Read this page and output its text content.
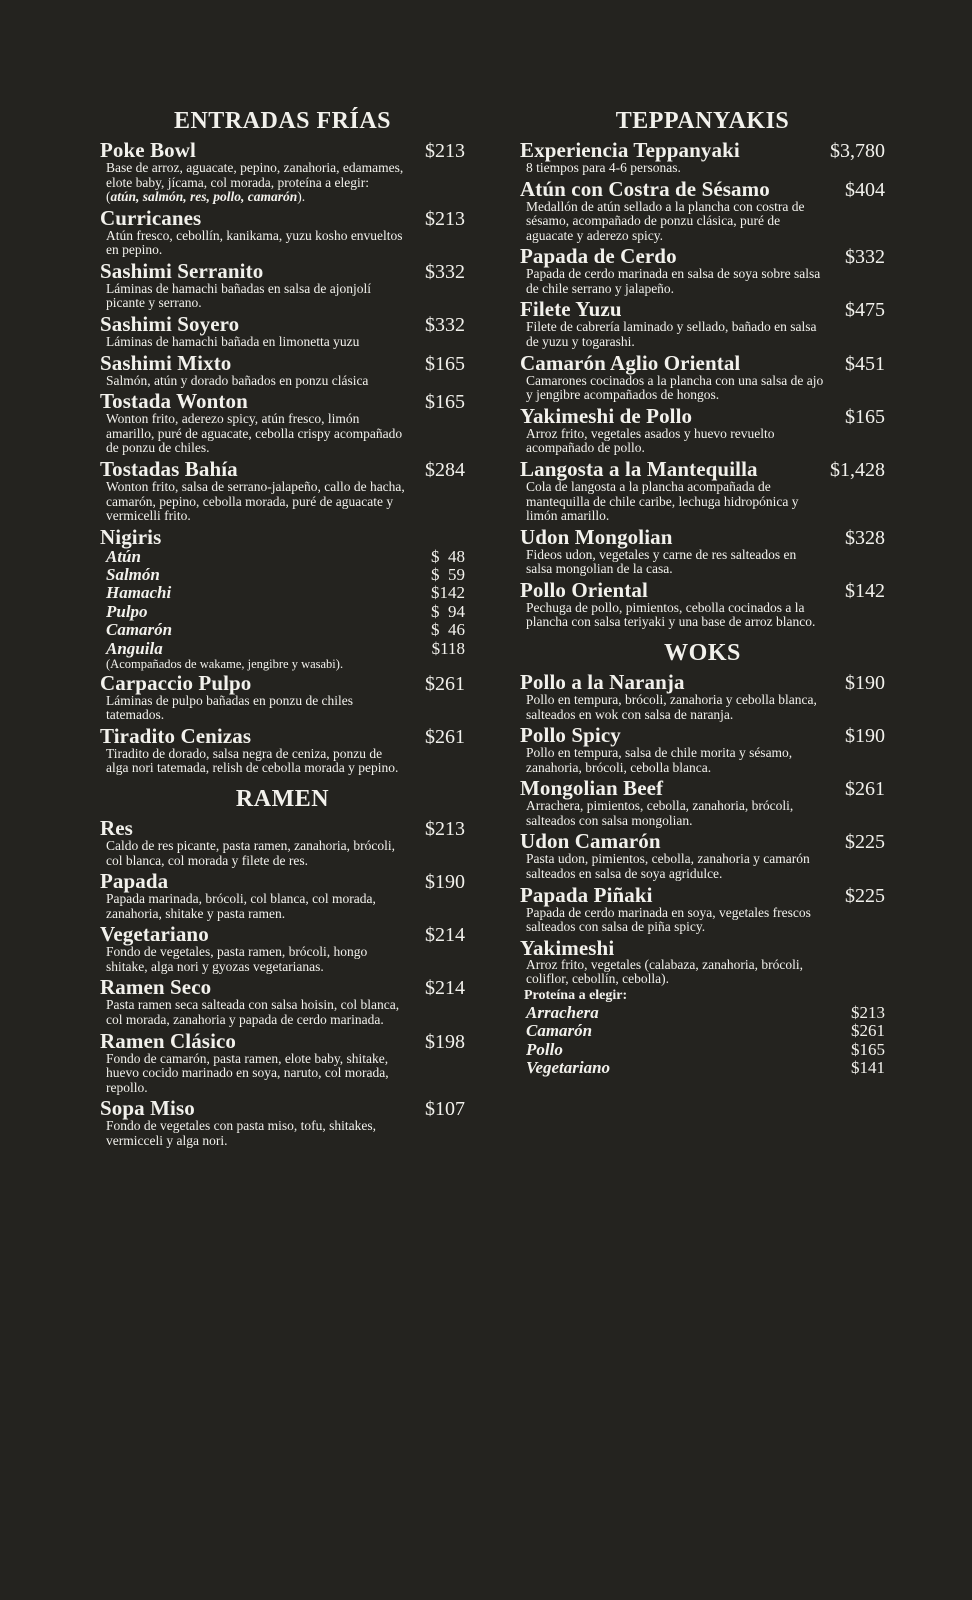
ENTRADAS FRÍAS
Poke Bowl	$213
Base de arroz, aguacate, pepino, zanahoria, edamames, elote baby, jícama, col morada, proteína a elegir: (atún, salmón, res, pollo, camarón).
Curricanes	$213
Atún fresco, cebollín, kanikama, yuzu kosho envueltos en pepino.
Sashimi Serranito	$332
Láminas de hamachi bañadas en salsa de ajonjolí picante y serrano.
Sashimi Soyero	$332
Láminas de hamachi bañada en limonetta yuzu
Sashimi Mixto	$165
Salmón, atún y dorado bañados en ponzu clásica
Tostada Wonton	$165
Wonton frito, aderezo spicy, atún fresco, limón amarillo, puré de aguacate, cebolla crispy acompañado de ponzu de chiles.
Tostadas Bahía	$284
Wonton frito, salsa de serrano-jalapeño, callo de hacha, camarón, pepino, cebolla morada, puré de aguacate y vermicelli frito.
Nigiris
Atún	$  48
Salmón	$  59
Hamachi	$142
Pulpo	$  94
Camarón	$  46
Anguila	$118
(Acompañados de wakame, jengibre y wasabi).
Carpaccio Pulpo	$261
Láminas de pulpo bañadas en ponzu de chiles tatemados.
Tiradito Cenizas	$261
Tiradito de dorado, salsa negra de ceniza, ponzu de alga nori tatemada, relish de cebolla morada y pepino.
RAMEN
Res	$213
Caldo de res picante, pasta ramen, zanahoria, brócoli, col blanca, col morada y filete de res.
Papada	$190
Papada marinada, brócoli, col blanca, col morada, zanahoria, shitake y pasta ramen.
Vegetariano	$214
Fondo de vegetales, pasta ramen, brócoli, hongo shitake, alga nori y gyozas vegetarianas.
Ramen Seco	$214
Pasta ramen seca salteada con salsa hoisin, col blanca, col morada, zanahoria y papada de cerdo marinada.
Ramen Clásico	$198
Fondo de camarón, pasta ramen, elote baby, shitake, huevo cocido marinado en soya, naruto, col morada, repollo.
Sopa Miso	$107
Fondo de vegetales con pasta miso, tofu, shitakes, vermicceli y alga nori.
TEPPANYAKIS
Experiencia Teppanyaki	$3,780
8 tiempos para 4-6 personas.
Atún con Costra de Sésamo	$404
Medallón de atún sellado a la plancha con costra de sésamo, acompañado de ponzu clásica, puré de aguacate y aderezo spicy.
Papada de Cerdo	$332
Papada de cerdo marinada en salsa de soya sobre salsa de chile serrano y jalapeño.
Filete Yuzu	$475
Filete de cabrería laminado y sellado, bañado en salsa de yuzu y togarashi.
Camarón Aglio Oriental	$451
Camarones cocinados a la plancha con una salsa de ajo y jengibre acompañados de hongos.
Yakimeshi de Pollo	$165
Arroz frito, vegetales asados y huevo revuelto acompañado de pollo.
Langosta a la Mantequilla	$1,428
Cola de langosta a la plancha acompañada de mantequilla de chile caribe, lechuga hidropónica y limón amarillo.
Udon Mongolian	$328
Fideos udon, vegetales y carne de res salteados en salsa mongolian de la casa.
Pollo Oriental	$142
Pechuga de pollo, pimientos, cebolla cocinados a la plancha con salsa teriyaki y una base de arroz blanco.
WOKS
Pollo a la Naranja	$190
Pollo en tempura, brócoli, zanahoria y cebolla blanca, salteados en wok con salsa de naranja.
Pollo Spicy	$190
Pollo en tempura, salsa de chile morita y sésamo, zanahoria, brócoli, cebolla blanca.
Mongolian Beef	$261
Arrachera, pimientos, cebolla, zanahoria, brócoli, salteados con salsa mongolian.
Udon Camarón	$225
Pasta udon, pimientos, cebolla, zanahoria y camarón salteados en salsa de soya agridulce.
Papada Piñaki	$225
Papada de cerdo marinada en soya, vegetales frescos salteados con salsa de piña spicy.
Yakimeshi
Arroz frito, vegetales (calabaza, zanahoria, brócoli, coliflor, cebollín, cebolla).
Proteína a elegir:
Arrachera	$213
Camarón	$261
Pollo	$165
Vegetariano	$141
